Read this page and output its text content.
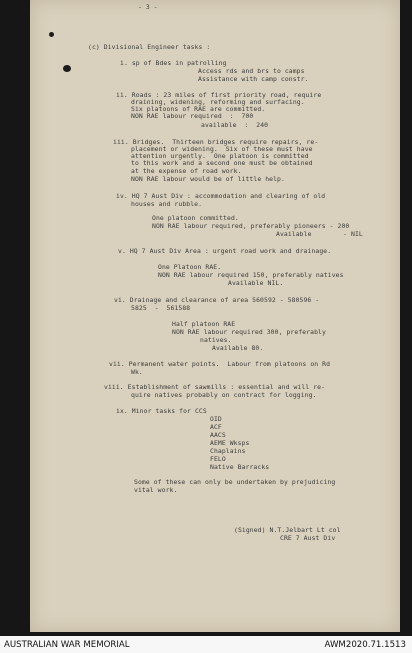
- 3 -
(c) Divisional Engineer tasks :
i. sp of Bdes in patrolling
Access rds and brs to camps
Assistance with camp constr.
ii. Roads : 23 miles of first priority road, require
draining, widening, reforming and surfacing.
Six platoons of RAE are committed.
NON RAE labour required  :  700
available  :  240
iii. Bridges.  Thirteen bridges require repairs, re-
placement or widening.  Six of these must have
attention urgently.  One platoon is committed
to this work and a second one must be obtained
at the expense of road work.
NON RAE labour would be of little help.
iv. HQ 7 Aust Div : accommodation and clearing of old
houses and rubble.
One platoon committed.
NON RAE labour required, preferably pioneers - 200
Available        - NIL
v. HQ 7 Aust Div Area : urgent road work and drainage.
One Platoon RAE.
NON RAE labour required 150, preferably natives
Available NIL.
vi. Drainage and clearance of area 560592 - 580596 -
5825  -  561588
Half platoon RAE
NON RAE labour required 300, preferably
natives.
Available 80.
vii. Permanent water points.  Labour from platoons on Rd
Wk.
viii. Establishment of sawmills : essential and will re-
quire natives probably on contract for logging.
ix. Minor tasks for CCS
OID
ACF
AACS
AEME Wksps
Chaplains
FELO
Native Barracks
Some of these can only be undertaken by prejudicing
vital work.
(Signed) N.T.Jelbart Lt col
CRE 7 Aust Div
AUSTRALIAN WAR MEMORIAL	AWM2020.71.1513
